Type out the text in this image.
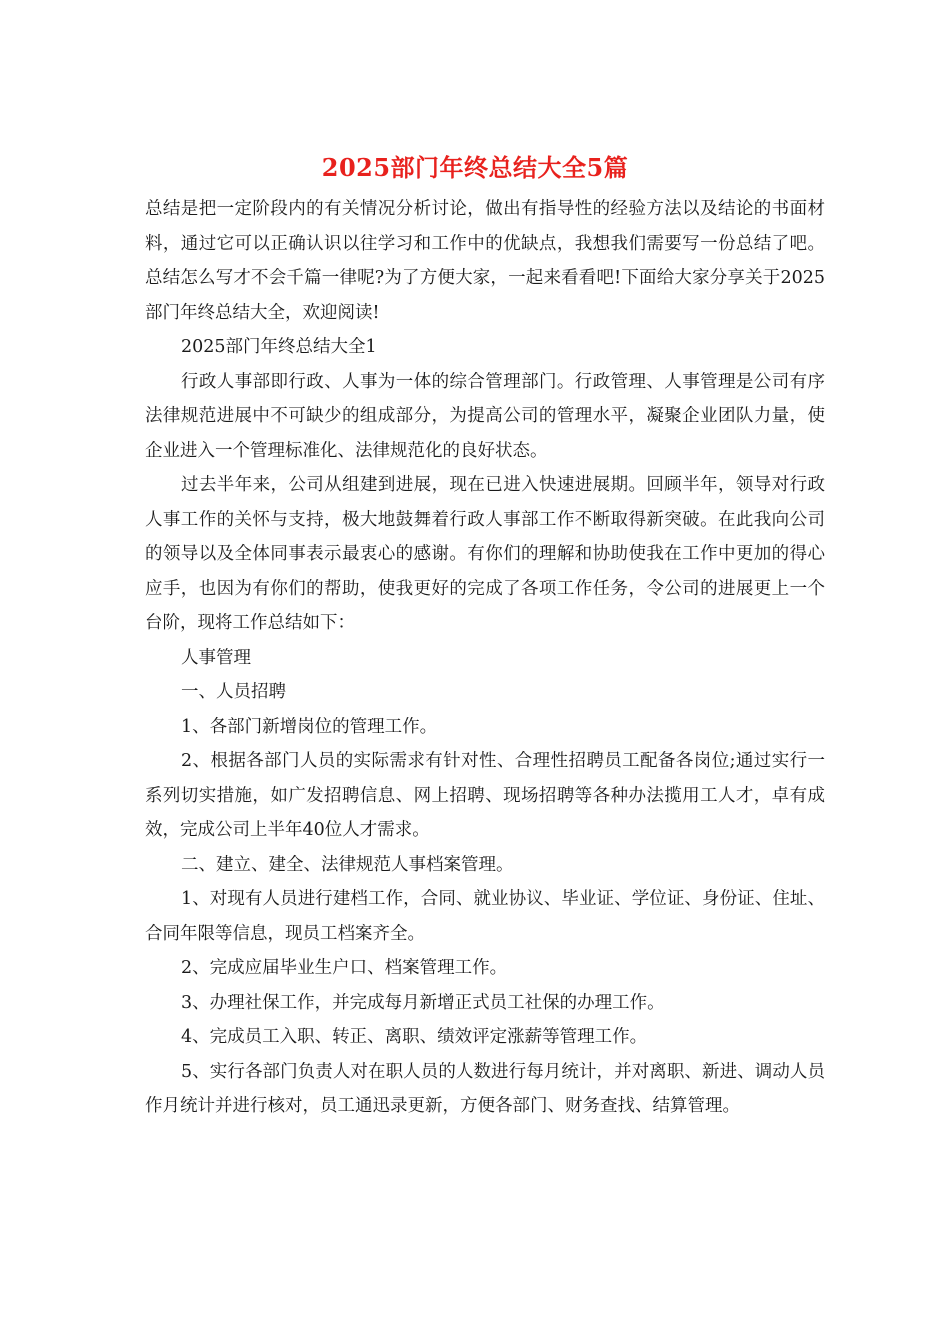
2025部门年终总结大全5篇

总结是把一定阶段内的有关情况分析讨论，做出有指导性的经验方法以及结论的书面材料，通过它可以正确认识以往学习和工作中的优缺点，我想我们需要写一份总结了吧。总结怎么写才不会千篇一律呢?为了方便大家，一起来看看吧!下面给大家分享关于2025部门年终总结大全，欢迎阅读!

2025部门年终总结大全1

行政人事部即行政、人事为一体的综合管理部门。行政管理、人事管理是公司有序法律规范进展中不可缺少的组成部分，为提高公司的管理水平，凝聚企业团队力量，使企业进入一个管理标准化、法律规范化的良好状态。

过去半年来，公司从组建到进展，现在已进入快速进展期。回顾半年，领导对行政人事工作的关怀与支持，极大地鼓舞着行政人事部工作不断取得新突破。在此我向公司的领导以及全体同事表示最衷心的感谢。有你们的理解和协助使我在工作中更加的得心应手，也因为有你们的帮助，使我更好的完成了各项工作任务，令公司的进展更上一个台阶，现将工作总结如下：

人事管理

一、人员招聘

1、各部门新增岗位的管理工作。

2、根据各部门人员的实际需求有针对性、合理性招聘员工配备各岗位;通过实行一系列切实措施，如广发招聘信息、网上招聘、现场招聘等各种办法揽用工人才，卓有成效，完成公司上半年40位人才需求。

二、建立、建全、法律规范人事档案管理。

1、对现有人员进行建档工作，合同、就业协议、毕业证、学位证、身份证、住址、合同年限等信息，现员工档案齐全。

2、完成应届毕业生户口、档案管理工作。

3、办理社保工作，并完成每月新增正式员工社保的办理工作。

4、完成员工入职、转正、离职、绩效评定涨薪等管理工作。

5、实行各部门负责人对在职人员的人数进行每月统计，并对离职、新进、调动人员作月统计并进行核对，员工通迅录更新，方便各部门、财务查找、结算管理。
